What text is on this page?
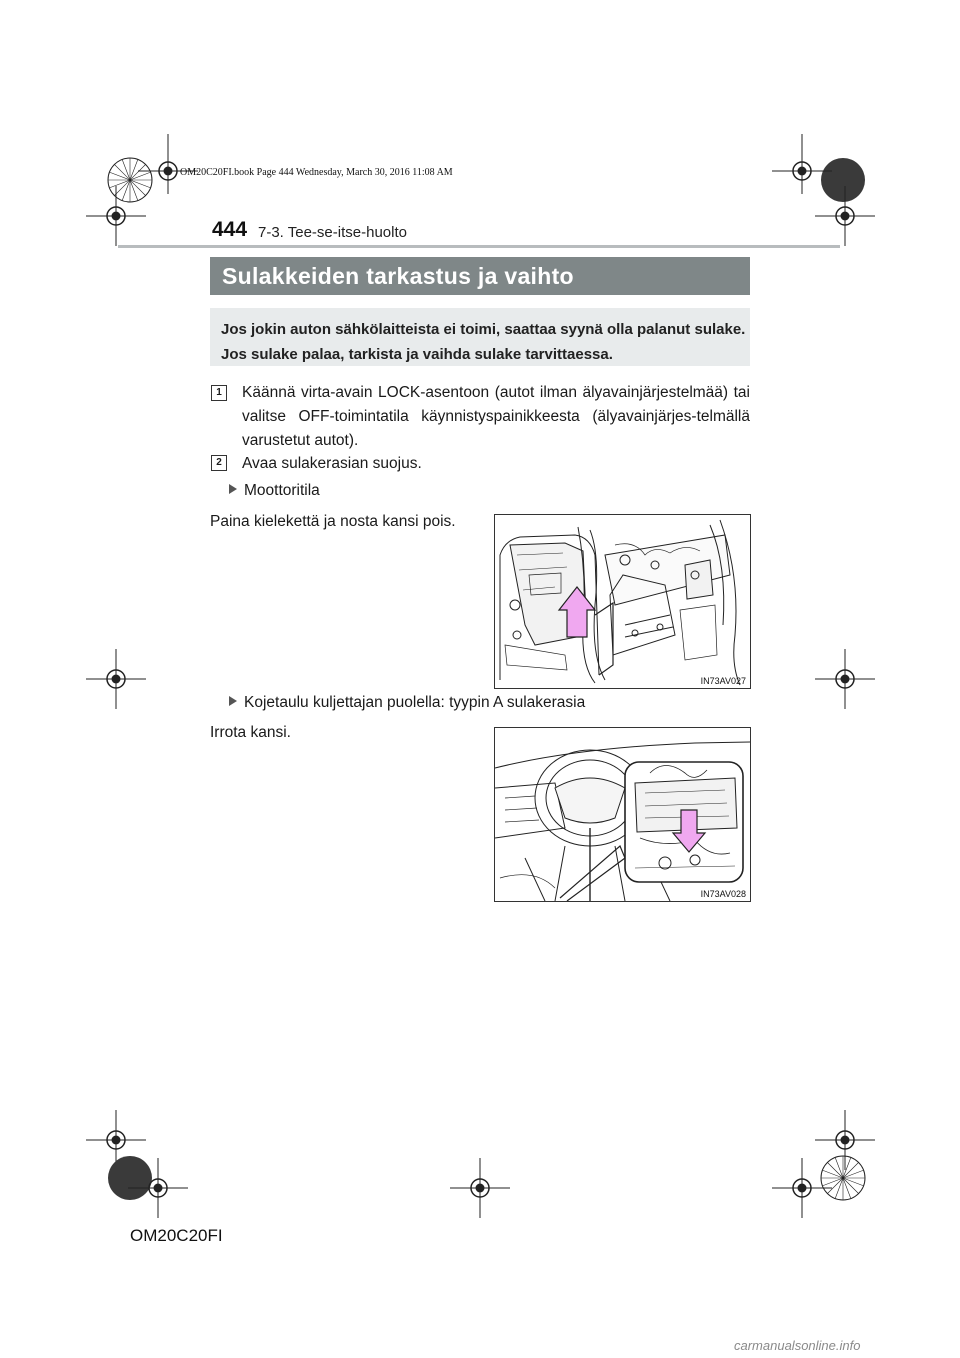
OM20C20FI.book Page 444 Wednesday, March 30, 2016 11:08 AM
444 7-3. Tee-se-itse-huolto
Sulakkeiden tarkastus ja vaihto

Jos jokin auton sähkölaitteista ei toimi, saattaa syynä olla palanut sulake. Jos sulake palaa, tarkista ja vaihda sulake tarvittaessa.

1	Käännä virta-avain LOCK-asentoon (autot ilman älyavainjärjestelmää) tai valitse OFF-toimintatila käynnistyspainikkeesta (älyavainjärjes-telmällä varustetut autot).
2	Avaa sulakerasian suojus.
Moottoritila
Paina kielekettä ja nosta kansi pois.
IN73AV027
Kojetaulu kuljettajan puolella: tyypin A sulakerasia
Irrota kansi.
IN73AV028
OM20C20FI
carmanualsonline.info
